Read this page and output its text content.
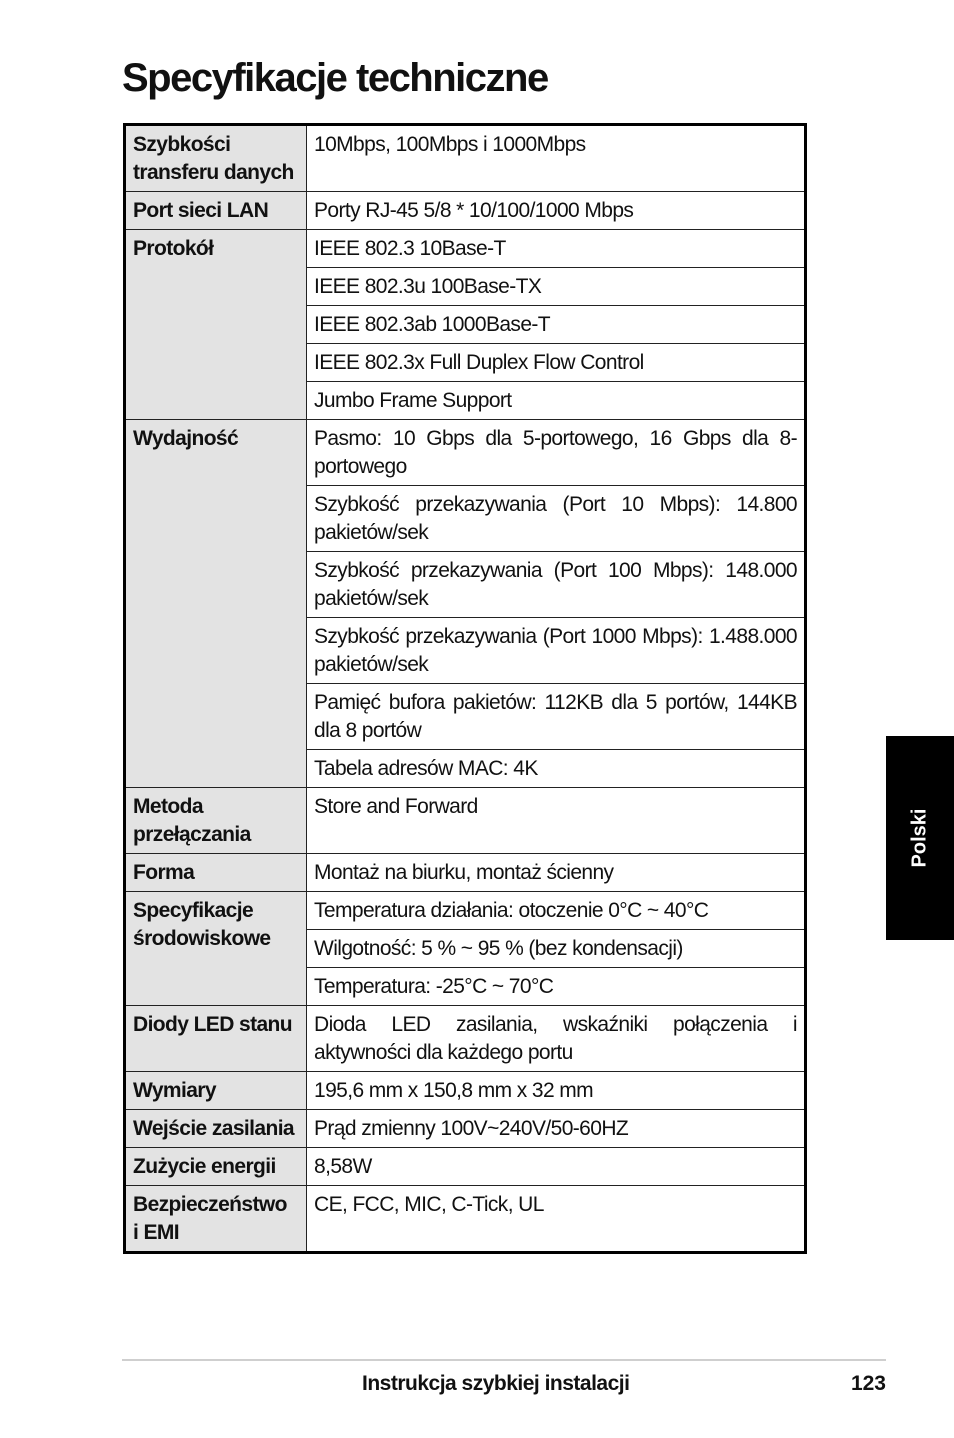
Specyfikacje techniczne
Szybkości
transferu danych	10Mbps, 100Mbps i 1000Mbps
Port sieci LAN	Porty RJ-45 5/8 * 10/100/1000 Mbps
Protokół	IEEE 802.3 10Base-T
	IEEE 802.3u 100Base-TX
	IEEE 802.3ab 1000Base-T
	IEEE 802.3x Full Duplex Flow Control
	Jumbo Frame Support
Wydajność	Pasmo: 10 Gbps dla 5-portowego, 16 Gbps dla 8-portowego
	Szybkość przekazywania (Port 10 Mbps): 14.800 pakietów/sek
	Szybkość przekazywania (Port 100 Mbps): 148.000 pakietów/sek
	Szybkość przekazywania (Port 1000 Mbps): 1.488.000 pakietów/sek
	Pamięć bufora pakietów: 112KB dla 5 portów, 144KB dla 8 portów
	Tabela adresów MAC: 4K
Metoda
przełączania	Store and Forward
Forma	Montaż na biurku, montaż ścienny
Specyfikacje
środowiskowe	Temperatura działania: otoczenie 0°C ~ 40°C
	Wilgotność: 5 % ~ 95 % (bez kondensacji)
	Temperatura: -25°C ~ 70°C
Diody LED stanu	Dioda LED zasilania, wskaźniki połączenia i aktywności dla każdego portu
Wymiary	195,6 mm x 150,8 mm x 32 mm
Wejście zasilania	Prąd zmienny 100V~240V/50-60HZ
Zużycie energii	8,58W
Bezpieczeństwo
i EMI	CE, FCC, MIC, C-Tick, UL
Polski
Instrukcja szybkiej instalacji	123
